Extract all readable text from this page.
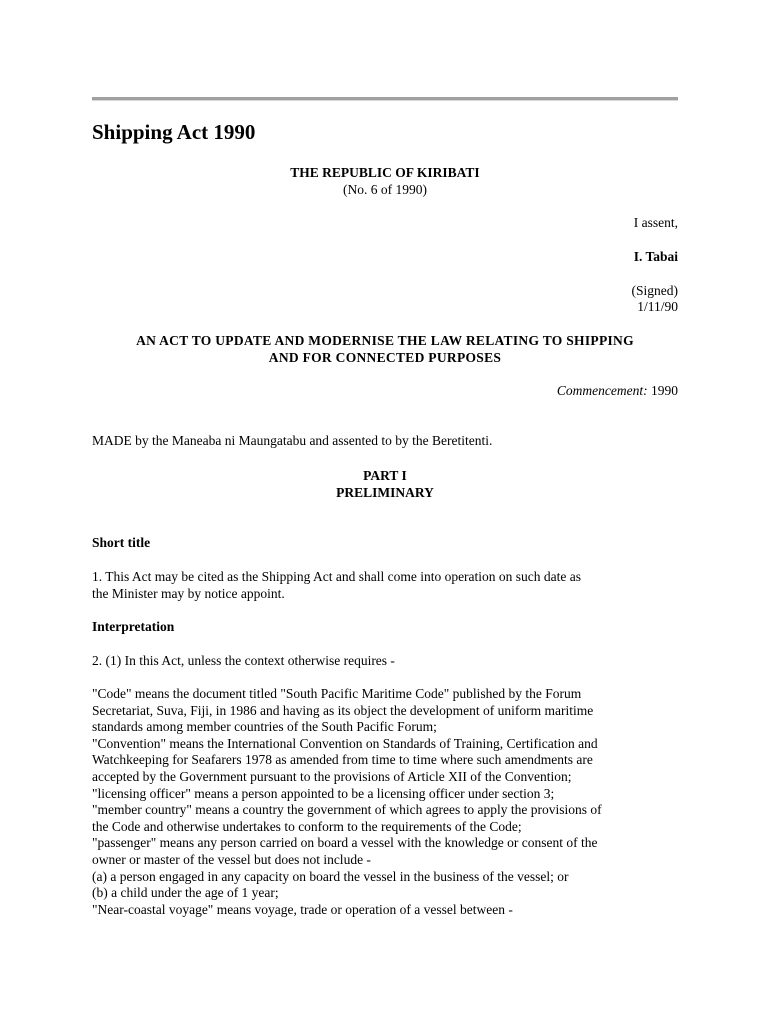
Shipping Act 1990
THE REPUBLIC OF KIRIBATI
(No. 6 of 1990)
I assent,
I. Tabai
(Signed)
1/11/90
AN ACT TO UPDATE AND MODERNISE THE LAW RELATING TO SHIPPING
AND FOR CONNECTED PURPOSES
Commencement: 1990
MADE by the Maneaba ni Maungatabu and assented to by the Beretitenti.
PART I
PRELIMINARY
Short title
1. This Act may be cited as the Shipping Act and shall come into operation on such date as
the Minister may by notice appoint.
Interpretation
2. (1) In this Act, unless the context otherwise requires -
"Code" means the document titled "South Pacific Maritime Code" published by the Forum
Secretariat, Suva, Fiji, in 1986 and having as its object the development of uniform maritime
standards among member countries of the South Pacific Forum;
"Convention" means the International Convention on Standards of Training, Certification and
Watchkeeping for Seafarers 1978 as amended from time to time where such amendments are
accepted by the Government pursuant to the provisions of Article XII of the Convention;
"licensing officer" means a person appointed to be a licensing officer under section 3;
"member country" means a country the government of which agrees to apply the provisions of
the Code and otherwise undertakes to conform to the requirements of the Code;
"passenger" means any person carried on board a vessel with the knowledge or consent of the
owner or master of the vessel but does not include -
(a) a person engaged in any capacity on board the vessel in the business of the vessel; or
(b) a child under the age of 1 year;
"Near-coastal voyage" means voyage, trade or operation of a vessel between -
